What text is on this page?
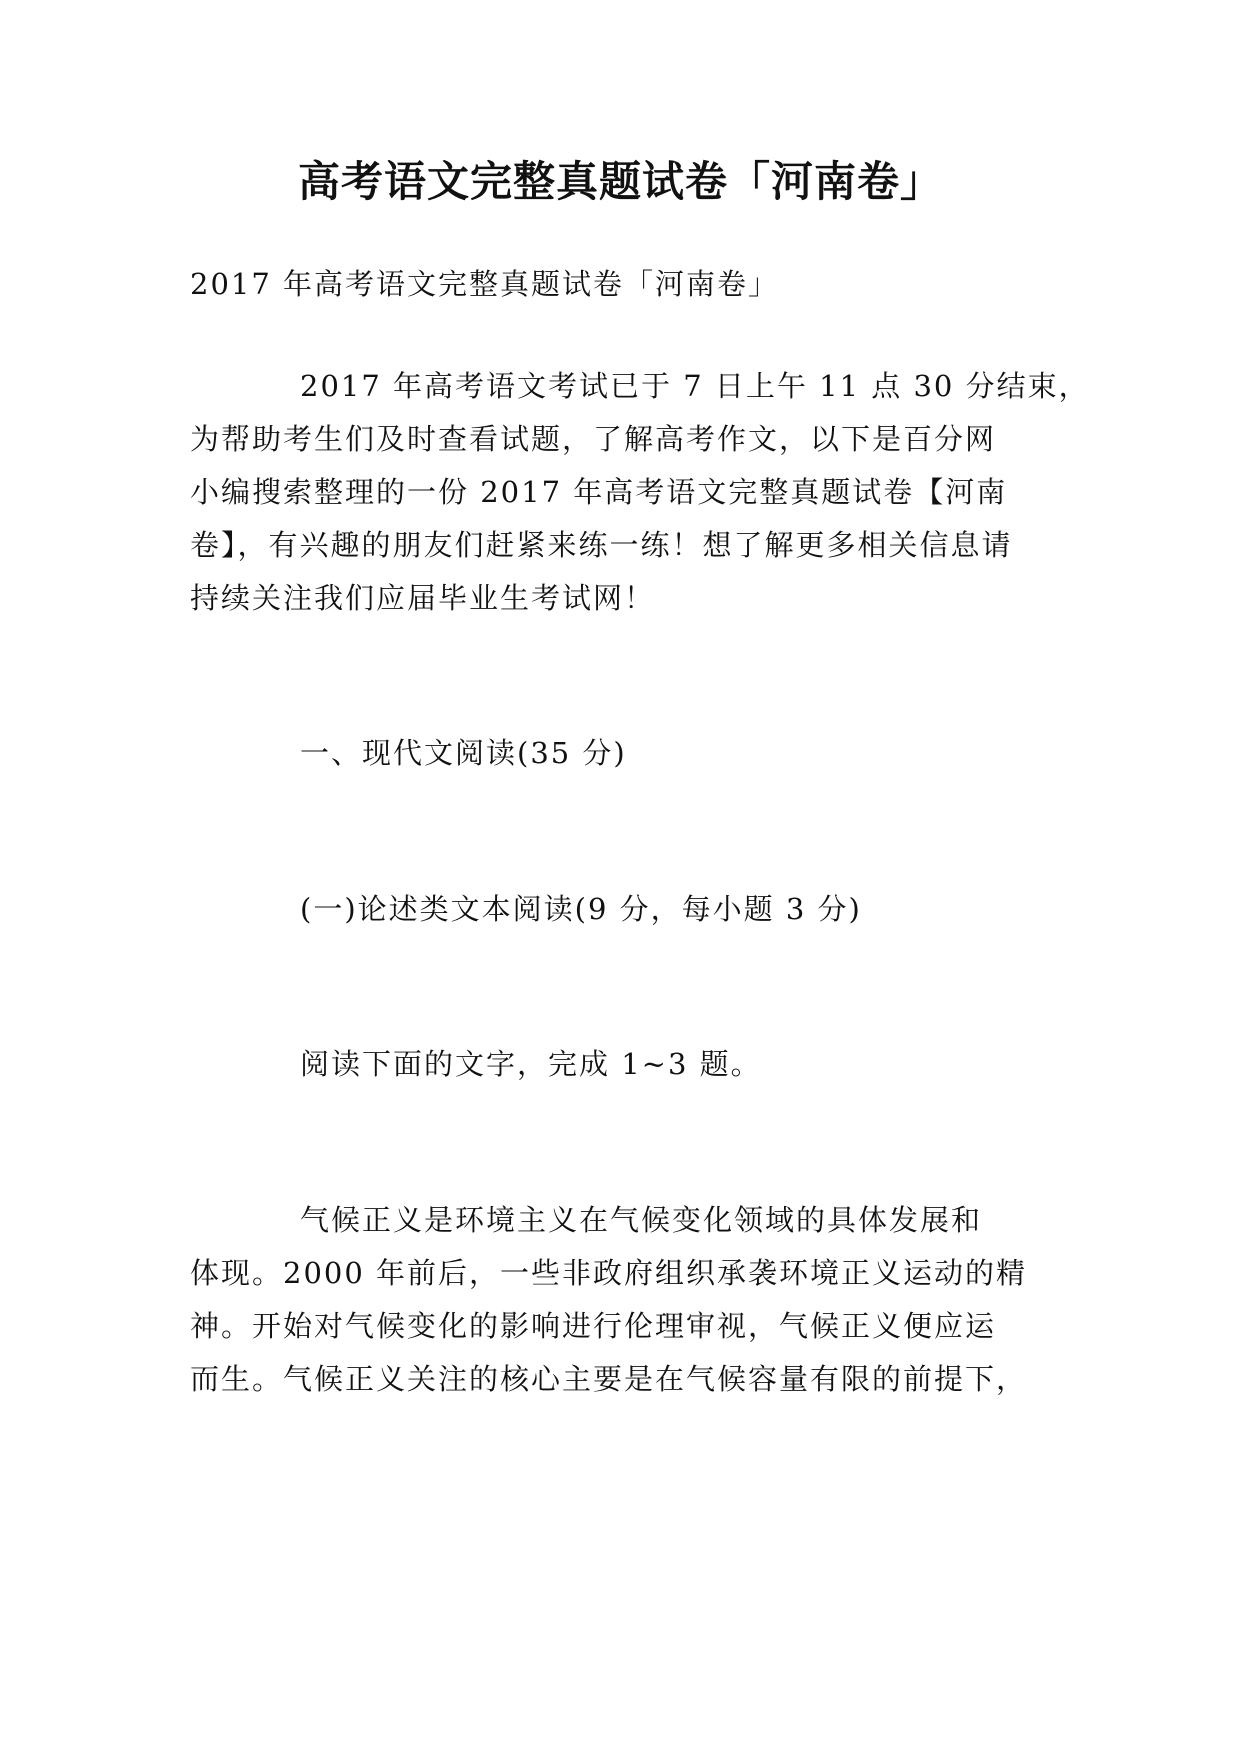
高考语文完整真题试卷「河南卷」
2017 年高考语文完整真题试卷「河南卷」
2017 年高考语文考试已于 7 日上午 11 点 30 分结束，
为帮助考生们及时查看试题，了解高考作文，以下是百分网
小编搜索整理的一份 2017 年高考语文完整真题试卷【河南
卷】，有兴趣的朋友们赶紧来练一练！想了解更多相关信息请
持续关注我们应届毕业生考试网！
一、现代文阅读(35 分)
(一)论述类文本阅读(9 分，每小题 3 分)
阅读下面的文字，完成 1~3 题。
气候正义是环境主义在气候变化领域的具体发展和
体现。2000 年前后，一些非政府组织承袭环境正义运动的精
神。开始对气候变化的影响进行伦理审视，气候正义便应运
而生。气候正义关注的核心主要是在气候容量有限的前提下，
